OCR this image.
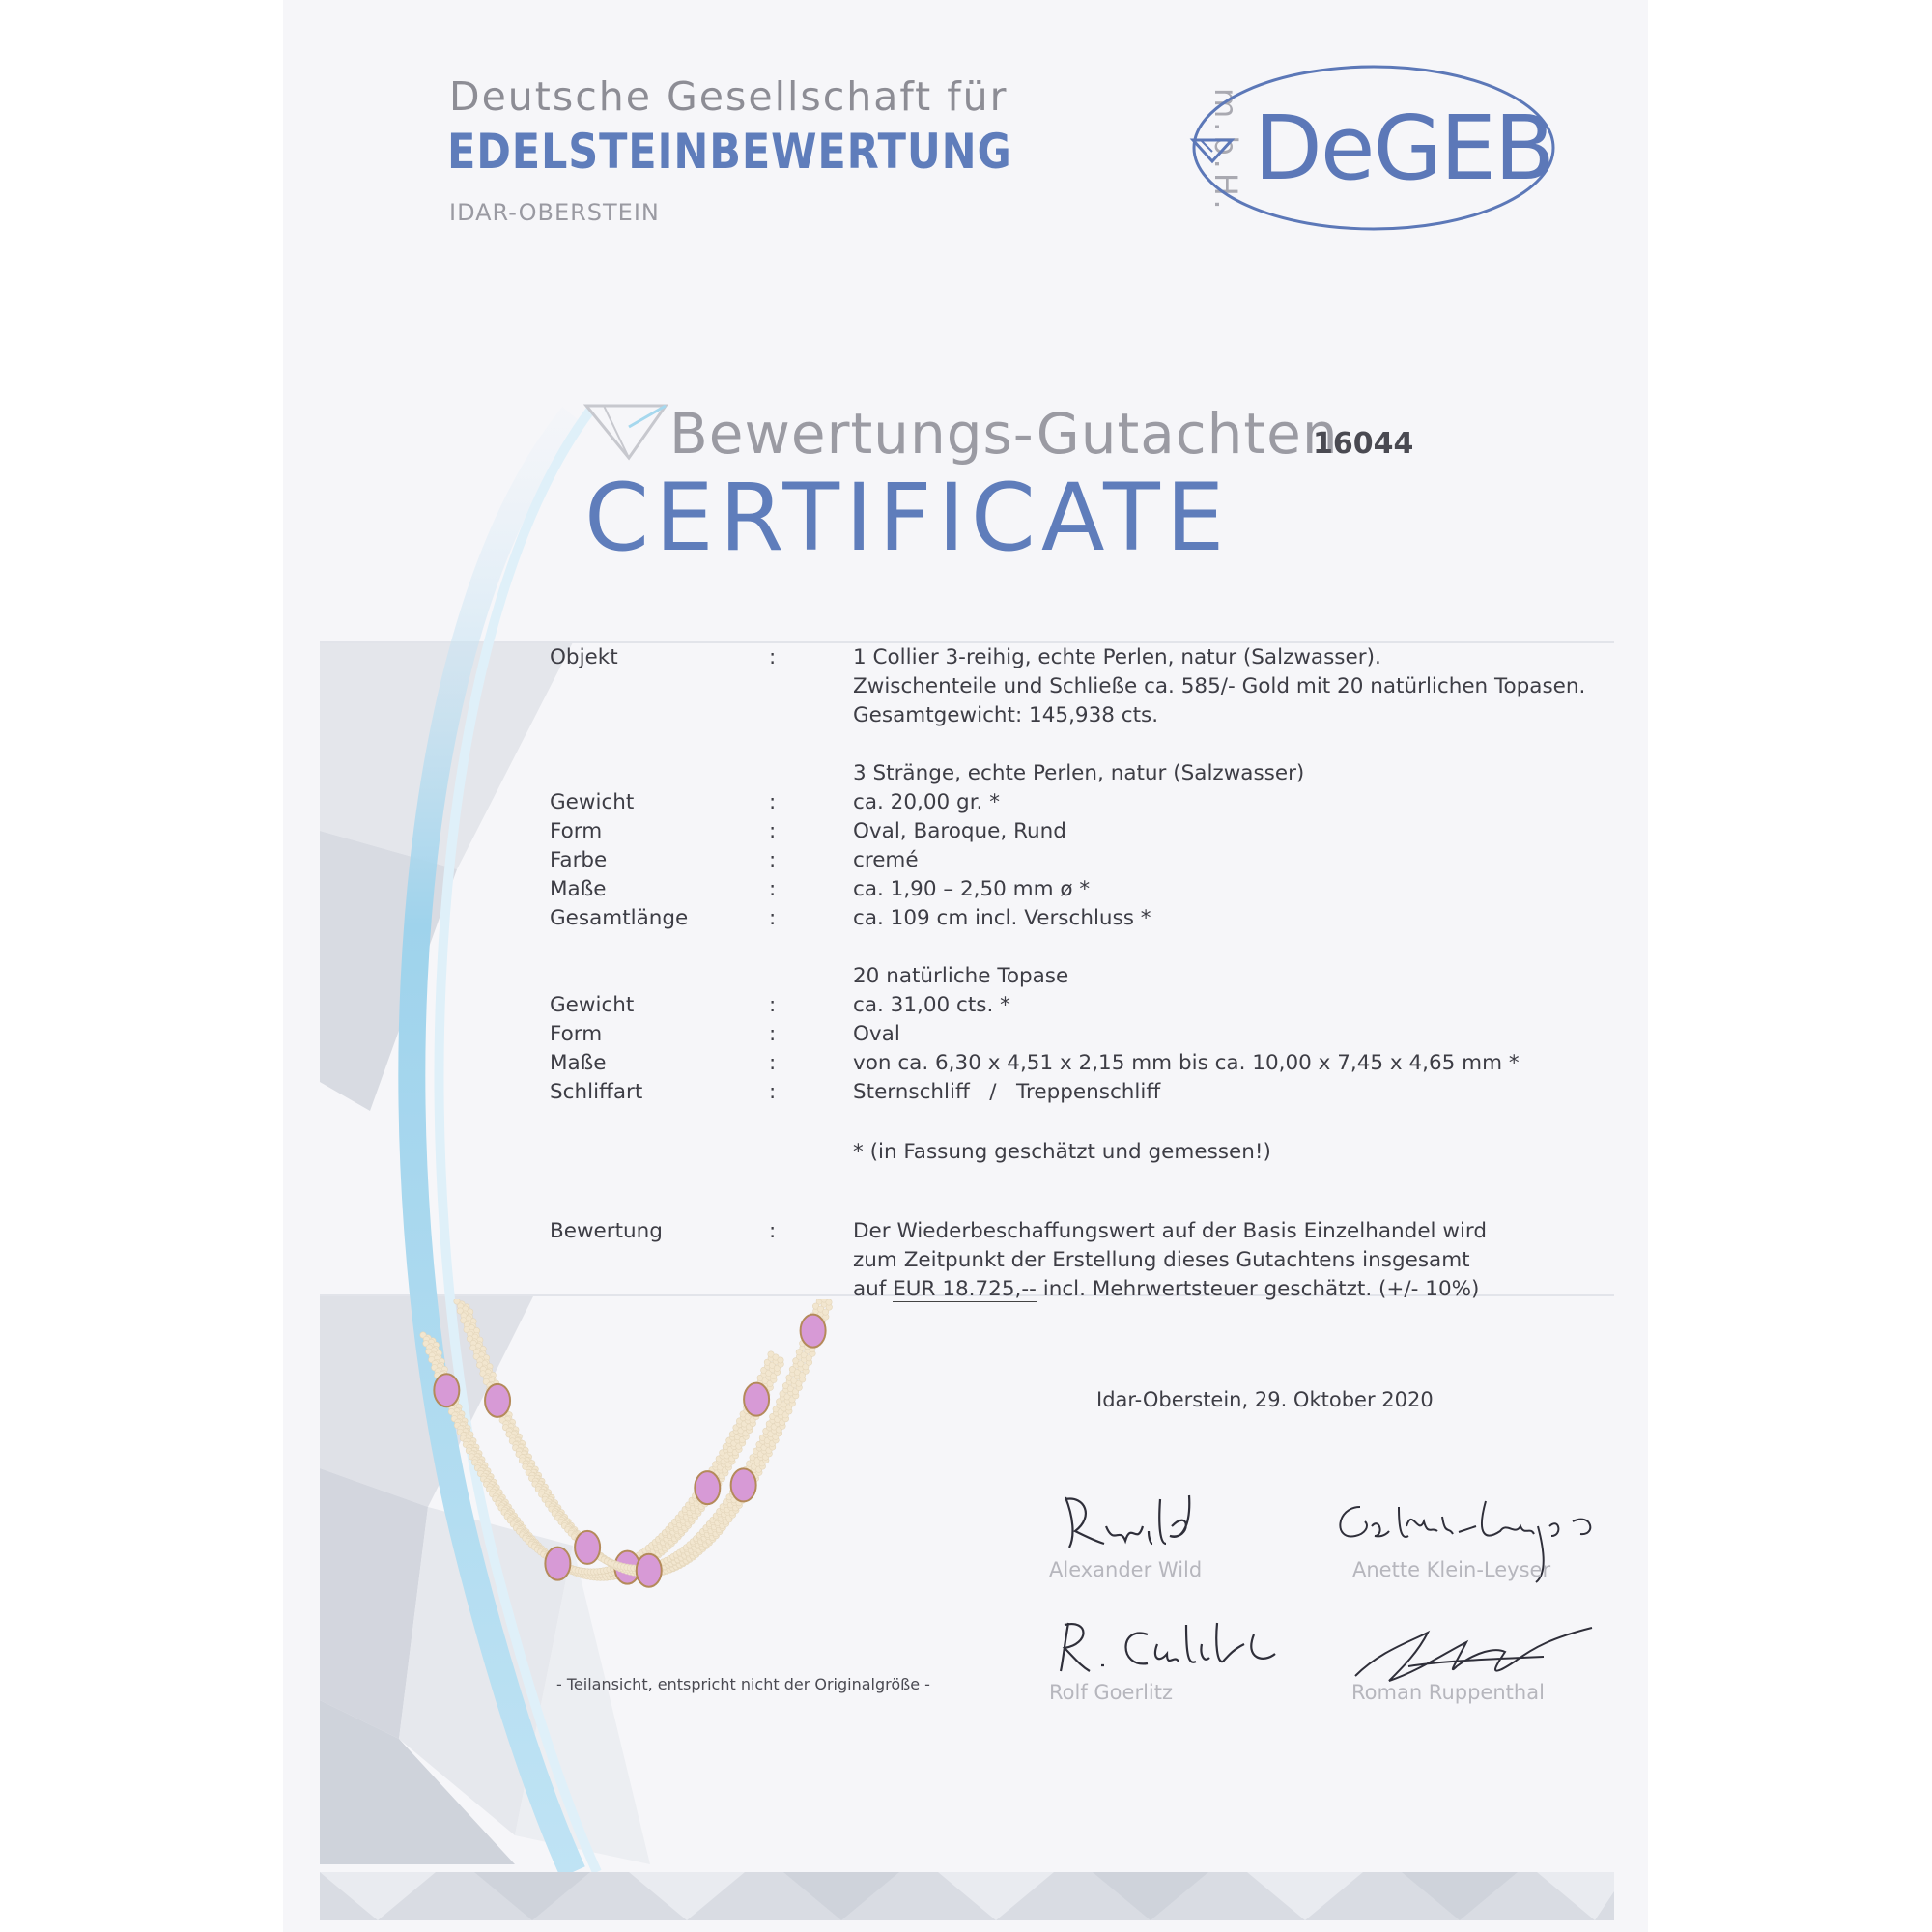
Deutsche Gesellschaft für
EDELSTEINBEWERTUNG	m.b.H.
IDAR-OBERSTEIN
DeGEB
Bewertungs-Gutachten
16044
CERTIFICATE
Objekt	:	1 Collier 3-reihig, echte Perlen, natur (Salzwasser).
Zwischenteile und Schließe ca. 585/- Gold mit 20 natürlichen Topasen.
Gesamtgewicht: 145,938 cts.
3 Stränge, echte Perlen, natur (Salzwasser)
Gewicht	:	ca. 20,00 gr. *
Form	:	Oval, Baroque, Rund
Farbe	:	cremé
Maße	:	ca. 1,90 – 2,50 mm ø *
Gesamtlänge	:	ca. 109 cm incl. Verschluss *
20 natürliche Topase
Gewicht	:	ca. 31,00 cts. *
Form	:	Oval
Maße	:	von ca. 6,30 x 4,51 x 2,15 mm bis ca. 10,00 x 7,45 x 4,65 mm *
Schliffart	:	Sternschliff   /   Treppenschliff
* (in Fassung geschätzt und gemessen!)
Bewertung	:	Der Wiederbeschaffungswert auf der Basis Einzelhandel wird
zum Zeitpunkt der Erstellung dieses Gutachtens insgesamt
auf EUR 18.725,-- incl. Mehrwertsteuer geschätzt. (+/- 10%)
- Teilansicht, entspricht nicht der Originalgröße -
Idar-Oberstein, 29. Oktober 2020
Alexander Wild	Anette Klein-Leyser
Rolf Goerlitz	Roman Ruppenthal
